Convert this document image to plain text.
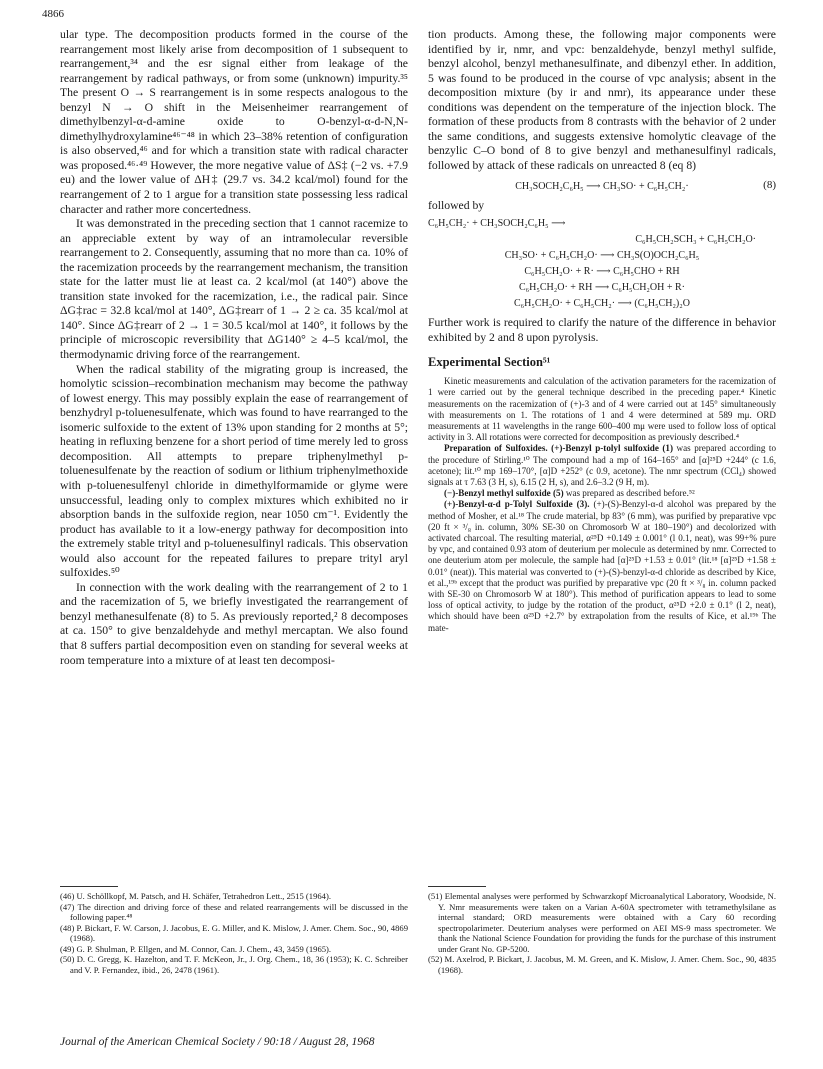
4866

ular type. The decomposition products formed in the course of the rearrangement most likely arise from decomposition of 1 subsequent to rearrangement,³⁴ and the esr signal either from leakage of the rearrangement by radical pathways, or from some (unknown) impurity.³⁵ The present O → S rearrangement is in some respects analogous to the benzyl N → O shift in the Meisenheimer rearrangement of dimethylbenzyl-α-d-amine oxide to O-benzyl-α-d-N,N-dimethylhydroxylamine⁴⁶⁻⁴⁸ in which 23–38% retention of configuration is also observed,⁴⁶ and for which a transition state with radical character was proposed.⁴⁶·⁴⁹ However, the more negative value of ΔS‡ (−2 vs. +7.9 eu) and the lower value of ΔH‡ (29.7 vs. 34.2 kcal/mol) found for the rearrangement of 2 to 1 argue for a transition state possessing less radical character and rather more concertedness.

It was demonstrated in the preceding section that 1 cannot racemize to an appreciable extent by way of an intramolecular reversible rearrangement to 2. Consequently, assuming that no more than ca. 10% of the racemization proceeds by the rearrangement mechanism, the transition state for the latter must lie at least ca. 2 kcal/mol (at 140°) above the transition state invoked for the racemization, i.e., the radical pair. Since ΔG‡rac = 32.8 kcal/mol at 140°, ΔG‡rearr of 1 → 2 ≥ ca. 35 kcal/mol at 140°. Since ΔG‡rearr of 2 → 1 = 30.5 kcal/mol at 140°, it follows by the principle of microscopic reversibility that ΔG140° ≥ 4–5 kcal/mol, the thermodynamic driving force of the rearrangement.

When the radical stability of the migrating group is increased, the homolytic scission–recombination mechanism may become the pathway of lowest energy. This may possibly explain the ease of rearrangement of benzhydryl p-toluenesulfenate, which was found to have rearranged to the isomeric sulfoxide to the extent of 13% upon standing for 2 months at 5°; heating in refluxing benzene for a short period of time merely led to gross decomposition. All attempts to prepare triphenylmethyl p-toluenesulfenate by the reaction of sodium or lithium triphenylmethoxide with p-toluenesulfenyl chloride in dimethylformamide or glyme were unsuccessful, leading only to complex mixtures which exhibited no ir absorption bands in the sulfoxide region, near 1050 cm⁻¹. Evidently the product has available to it a low-energy pathway for decomposition into the extremely stable trityl and p-toluenesulfinyl radicals. This observation would also account for the repeated failures to prepare trityl aryl sulfoxides.⁵⁰

In connection with the work dealing with the rearrangement of 2 to 1 and the racemization of 5, we briefly investigated the rearrangement of benzyl methanesulfenate (8) to 5. As previously reported,² 8 decomposes at ca. 150° to give benzaldehyde and methyl mercaptan. We also found that 8 suffers partial decomposition even on standing for several weeks at room temperature into a mixture of at least ten decomposi-

tion products. Among these, the following major components were identified by ir, nmr, and vpc: benzaldehyde, benzyl methyl sulfide, benzyl alcohol, benzyl methanesulfinate, and dibenzyl ether. In addition, 5 was found to be produced in the course of vpc analysis; absent in the decomposition mixture (by ir and nmr), its appearance under these conditions was dependent on the temperature of the injection block. The formation of these products from 8 contrasts with the behavior of 2 under the same conditions, and suggests extensive homolytic cleavage of the benzylic C–O bond of 8 to give benzyl and methanesulfinyl radicals, followed by attack of these radicals on unreacted 8 (eq 8)

CH₃SOCH₂C₆H₅ ⟶ CH₃SO· + C₆H₅CH₂·	(8)

followed by

C₆H₅CH₂· + CH₃SOCH₂C₆H₅ ⟶
C₆H₅CH₂SCH₃ + C₆H₅CH₂O·
CH₃SO· + C₆H₅CH₂O· ⟶ CH₃S(O)OCH₂C₆H₅
C₆H₅CH₂O· + R· ⟶ C₆H₅CHO + RH
C₆H₅CH₂O· + RH ⟶ C₆H₅CH₂OH + R·
C₆H₅CH₂O· + C₆H₅CH₂· ⟶ (C₆H₅CH₂)₂O

Further work is required to clarify the nature of the difference in behavior exhibited by 2 and 8 upon pyrolysis.

Experimental Section⁵¹

Kinetic measurements and calculation of the activation parameters for the racemization of 1 were carried out by the general technique described in the preceding paper.⁴ Kinetic measurements on the racemization of (+)-3 and of 4 were carried out at 145° simultaneously with measurements on 1. The rotations of 1 and 4 were determined at 589 mμ. ORD measurements at 11 wavelengths in the range 600–400 mμ were used to follow loss of optical activity in 3. All rotations were corrected for decomposition as previously described.⁴

Preparation of Sulfoxides. (+)-Benzyl p-tolyl sulfoxide (1) was prepared according to the procedure of Stirling.¹⁰ The compound had a mp of 164–165° and [α]²⁵D +244° (c 1.6, acetone); lit.¹⁰ mp 169–170°, [α]D +252° (c 0.9, acetone). The nmr spectrum (CCl₄) showed signals at τ 7.63 (3 H, s), 6.15 (2 H, s), and 2.6–3.2 (9 H, m).

(−)-Benzyl methyl sulfoxide (5) was prepared as described before.⁵²

(+)-Benzyl-α-d p-Tolyl Sulfoxide (3). (+)-(S)-Benzyl-α-d alcohol was prepared by the method of Mosher, et al.¹⁸ The crude material, bp 83° (6 mm), was purified by preparative vpc (20 ft × ³/₈ in. column, 30% SE-30 on Chromosorb W at 180–190°) and decolorized with activated charcoal. The resulting material, α²⁵D +0.149 ± 0.001° (l 0.1, neat), was 99+% pure by vpc, and contained 0.93 atom of deuterium per molecule as determined by nmr. Corrected to one deuterium atom per molecule, the sample had [α]²⁵D +1.53 ± 0.01° (lit.¹⁸ [α]²⁵D +1.58 ± 0.01° (neat)). This material was converted to (+)-(S)-benzyl-α-d chloride as described by Kice, et al.,¹⁹ᵇ except that the product was purified by preparative vpc (20 ft × ³/₈ in. column packed with SE-30 on Chromosorb W at 180°). This method of purification appears to lead to some loss of optical activity, to judge by the rotation of the product, α²⁵D +2.0 ± 0.1° (l 2, neat), which should have been α²⁵D +2.7° by extrapolation from the results of Kice, et al.¹⁹ᵇ The mate-

(46) U. Schöllkopf, M. Patsch, and H. Schäfer, Tetrahedron Lett., 2515 (1964).

(47) The direction and driving force of these and related rearrangements will be discussed in the following paper.⁴⁸

(48) P. Bickart, F. W. Carson, J. Jacobus, E. G. Miller, and K. Mislow, J. Amer. Chem. Soc., 90, 4869 (1968).

(49) G. P. Shulman, P. Ellgen, and M. Connor, Can. J. Chem., 43, 3459 (1965).

(50) D. C. Gregg, K. Hazelton, and T. F. McKeon, Jr., J. Org. Chem., 18, 36 (1953); K. C. Schreiber and V. P. Fernandez, ibid., 26, 2478 (1961).

(51) Elemental analyses were performed by Schwarzkopf Microanalytical Laboratory, Woodside, N. Y. Nmr measurements were taken on a Varian A-60A spectrometer with tetramethylsilane as internal standard; ORD measurements were obtained with a Cary 60 recording spectropolarimeter. Deuterium analyses were performed on AEI MS-9 mass spectrometer. We thank the National Science Foundation for providing the funds for the purchase of this instrument under Grant No. GP-5200.

(52) M. Axelrod, P. Bickart, J. Jacobus, M. M. Green, and K. Mislow, J. Amer. Chem. Soc., 90, 4835 (1968).

Journal of the American Chemical Society / 90:18 / August 28, 1968
